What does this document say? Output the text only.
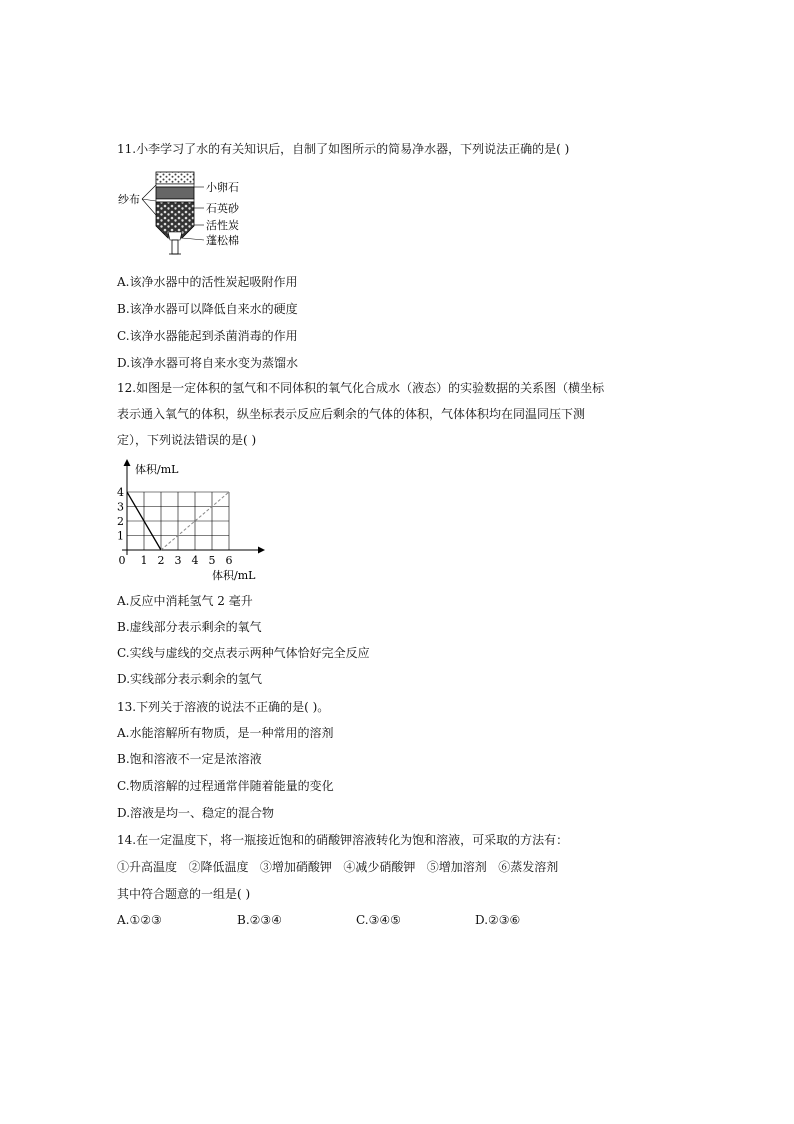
11.小李学习了水的有关知识后，自制了如图所示的简易净水器，下列说法正确的是( )

纱布
小卵石
石英砂
活性炭
蓬松棉

A.该净水器中的活性炭起吸附作用

B.该净水器可以降低自来水的硬度

C.该净水器能起到杀菌消毒的作用

D.该净水器可将自来水变为蒸馏水

12.如图是一定体积的氢气和不同体积的氧气化合成水（液态）的实验数据的关系图（横坐标

表示通入氧气的体积，纵坐标表示反应后剩余的气体的体积，气体体积均在同温同压下测

定），下列说法错误的是( )

体积/mL
体积/mL
0 1 2 3 4 5 6
1
2
3
4

A.反应中消耗氢气 2 毫升

B.虚线部分表示剩余的氧气

C.实线与虚线的交点表示两种气体恰好完全反应

D.实线部分表示剩余的氢气

13.下列关于溶液的说法不正确的是( )。

A.水能溶解所有物质，是一种常用的溶剂

B.饱和溶液不一定是浓溶液

C.物质溶解的过程通常伴随着能量的变化

D.溶液是均一、稳定的混合物

14.在一定温度下，将一瓶接近饱和的硝酸钾溶液转化为饱和溶液，可采取的方法有：

①升高温度   ②降低温度   ③增加硝酸钾   ④减少硝酸钾   ⑤增加溶剂   ⑥蒸发溶剂

其中符合题意的一组是( )

A.①②③	B.②③④	C.③④⑤	D.②③⑥
